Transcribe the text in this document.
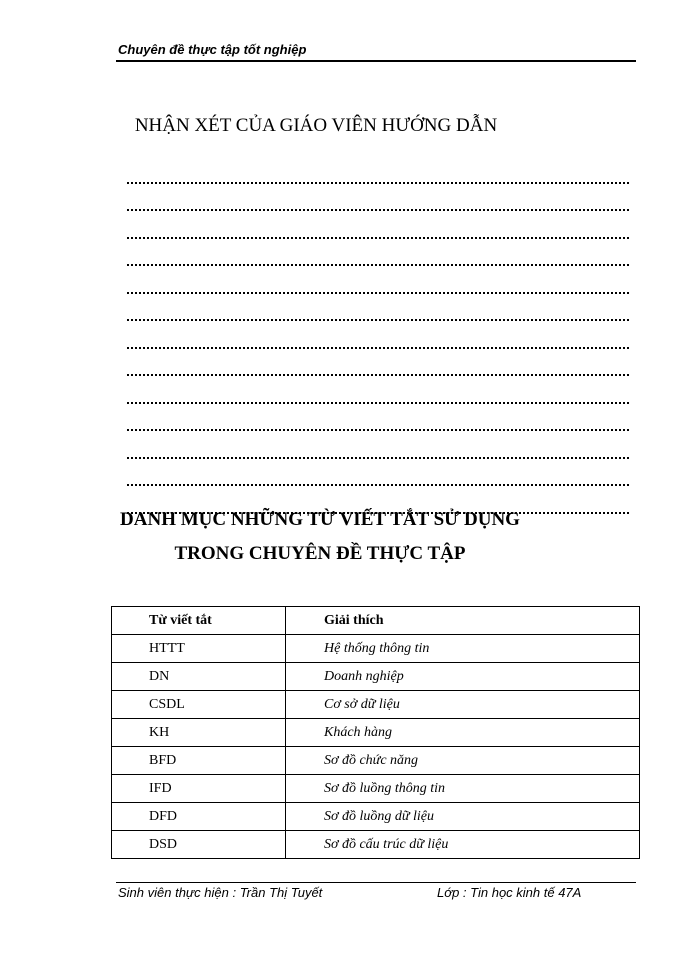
Chuyên đề thực tập tốt nghiệp
NHẬN XÉT CỦA GIÁO VIÊN HƯỚNG DẪN
DANH MỤC NHỮNG TỪ VIẾT TẮT SỬ DỤNG
TRONG CHUYÊN ĐỀ THỰC TẬP
Từ viết tắt	Giải thích
HTTT	Hệ thống thông tin
DN	Doanh nghiệp
CSDL	Cơ sở dữ liệu
KH	Khách hàng
BFD	Sơ đồ chức năng
IFD	Sơ đồ luồng thông tin
DFD	Sơ đồ luồng dữ liệu
DSD	Sơ đồ cấu trúc dữ liệu
Sinh viên thực hiện : Trần Thị Tuyết	Lớp : Tin học kinh tế 47A
